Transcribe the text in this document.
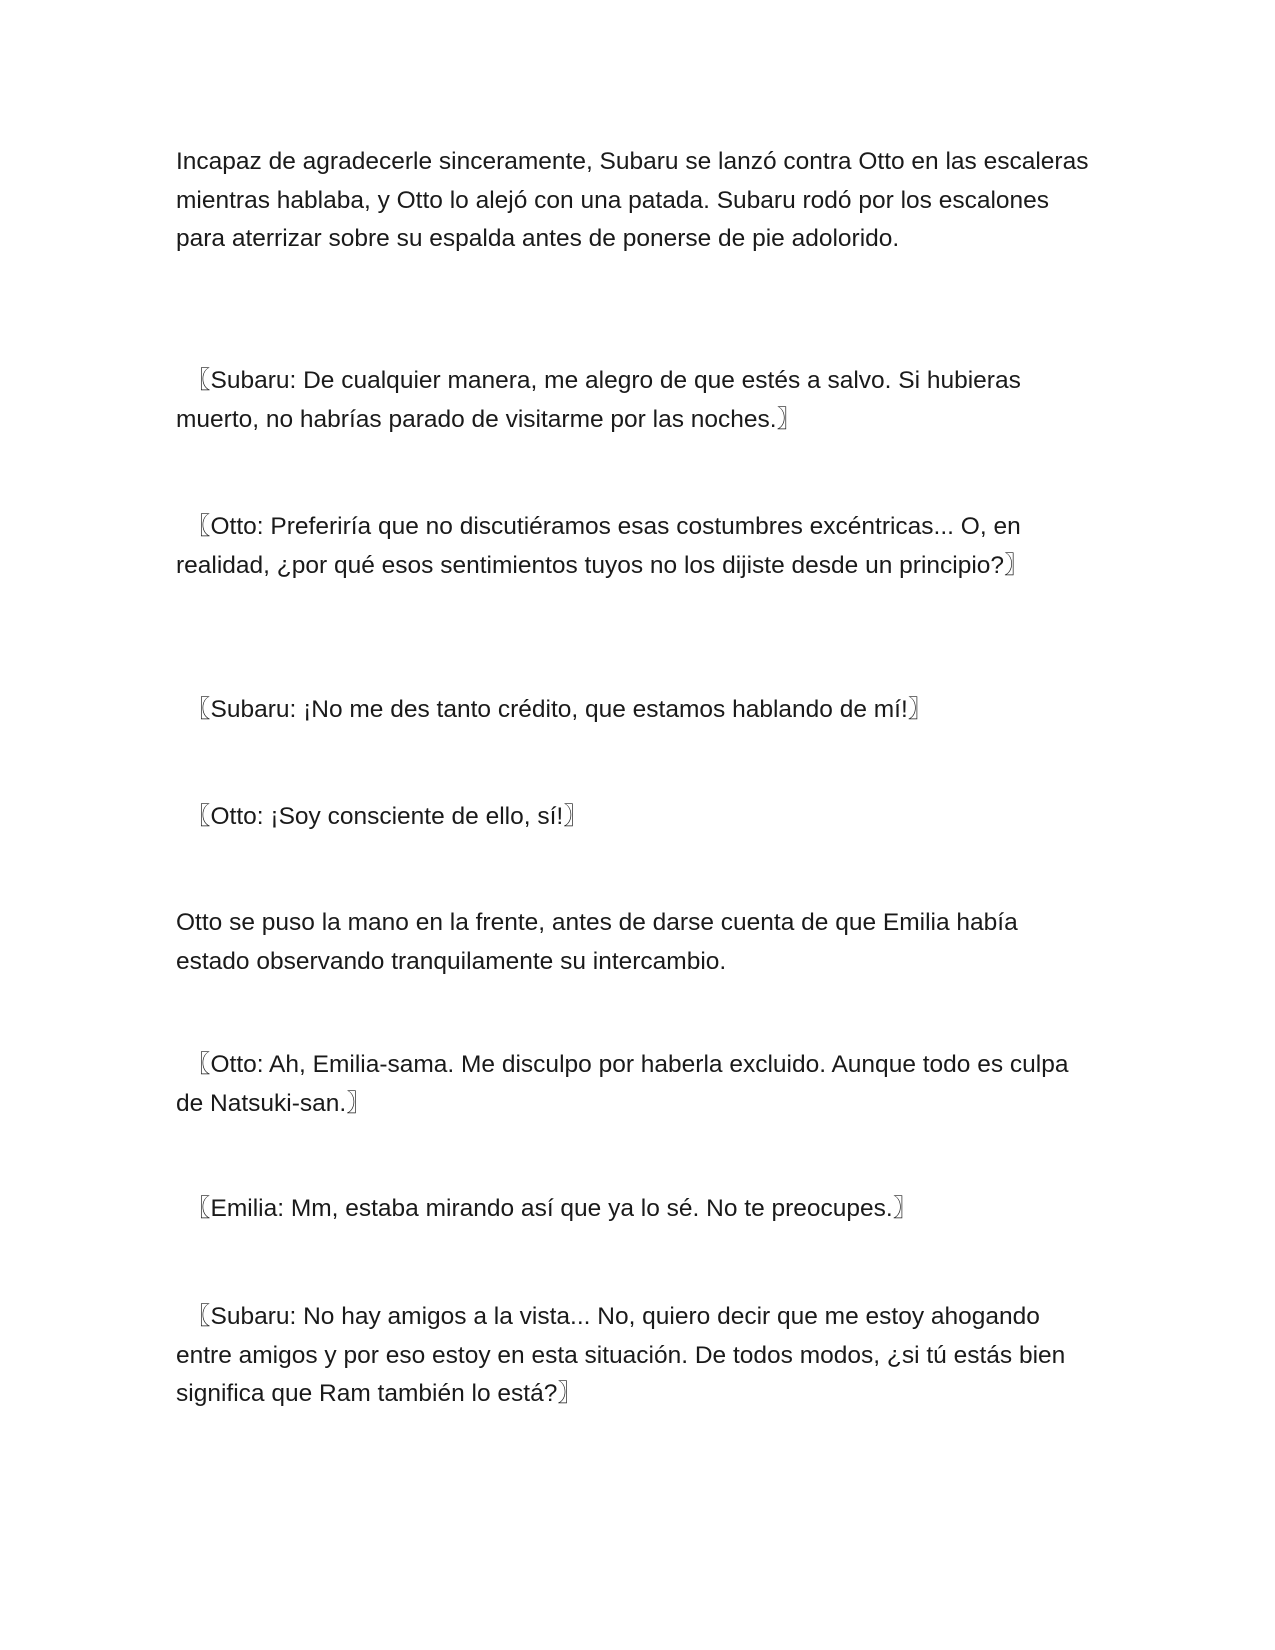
Incapaz de agradecerle sinceramente, Subaru se lanzó contra Otto en las escaleras mientras hablaba, y Otto lo alejó con una patada. Subaru rodó por los escalones para aterrizar sobre su espalda antes de ponerse de pie adolorido.

〖Subaru: De cualquier manera, me alegro de que estés a salvo. Si hubieras muerto, no habrías parado de visitarme por las noches.〗

〖Otto: Preferiría que no discutiéramos esas costumbres excéntricas... O, en realidad, ¿por qué esos sentimientos tuyos no los dijiste desde un principio?〗

〖Subaru: ¡No me des tanto crédito, que estamos hablando de mí!〗

〖Otto: ¡Soy consciente de ello, sí!〗

Otto se puso la mano en la frente, antes de darse cuenta de que Emilia había estado observando tranquilamente su intercambio.

〖Otto: Ah, Emilia-sama. Me disculpo por haberla excluido. Aunque todo es culpa de Natsuki-san.〗

〖Emilia: Mm, estaba mirando así que ya lo sé. No te preocupes.〗

〖Subaru: No hay amigos a la vista... No, quiero decir que me estoy ahogando entre amigos y por eso estoy en esta situación. De todos modos, ¿si tú estás bien significa que Ram también lo está?〗
